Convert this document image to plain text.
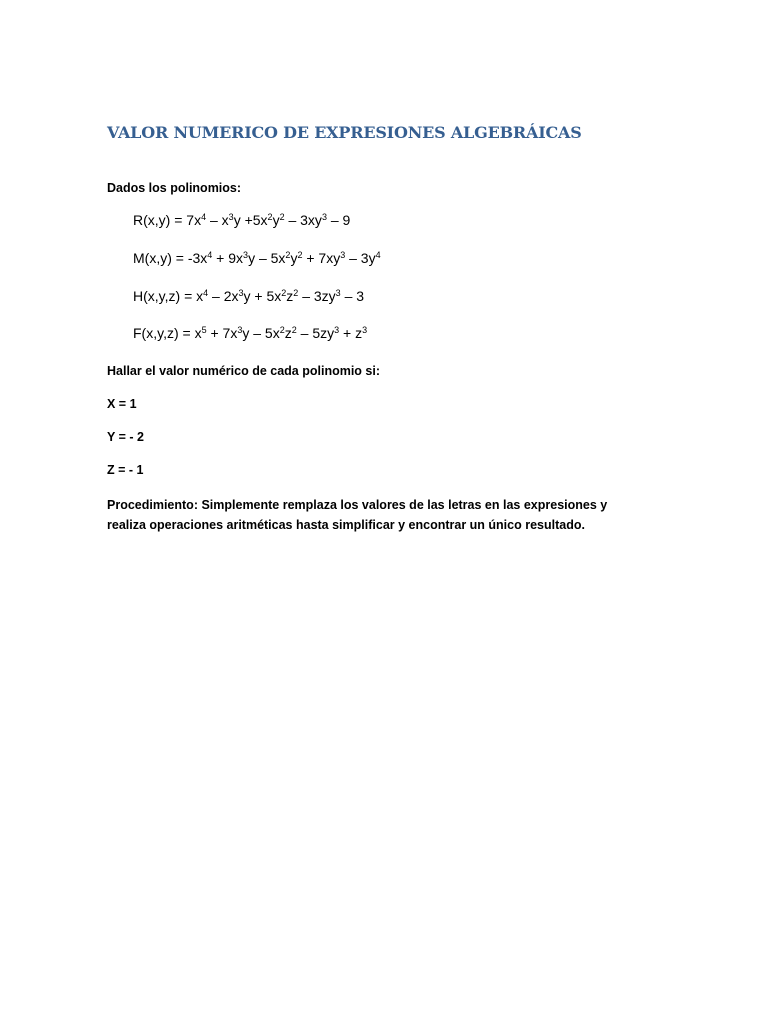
VALOR NUMERICO DE EXPRESIONES ALGEBRÁICAS
Dados los polinomios:
$R(x,y) = 7x^4 - x^3y +5x^2y^2 - 3xy^3 - 9$
$M(x,y) = -3x^4 + 9x^3y - 5x^2y^2 + 7xy^3 - 3y^4$
$H(x,y,z) = x^4 - 2x^3y + 5x^2z^2 - 3zy^3 - 3$
$F(x,y,z) = x^5 + 7x^3y - 5x^2z^2 - 5zy^3 + z^3$
Hallar el valor numérico de cada polinomio si:
X = 1
Y = - 2
Z = - 1
Procedimiento: Simplemente remplaza los valores de las letras en las expresiones y realiza operaciones aritméticas hasta simplificar y encontrar un único resultado.
